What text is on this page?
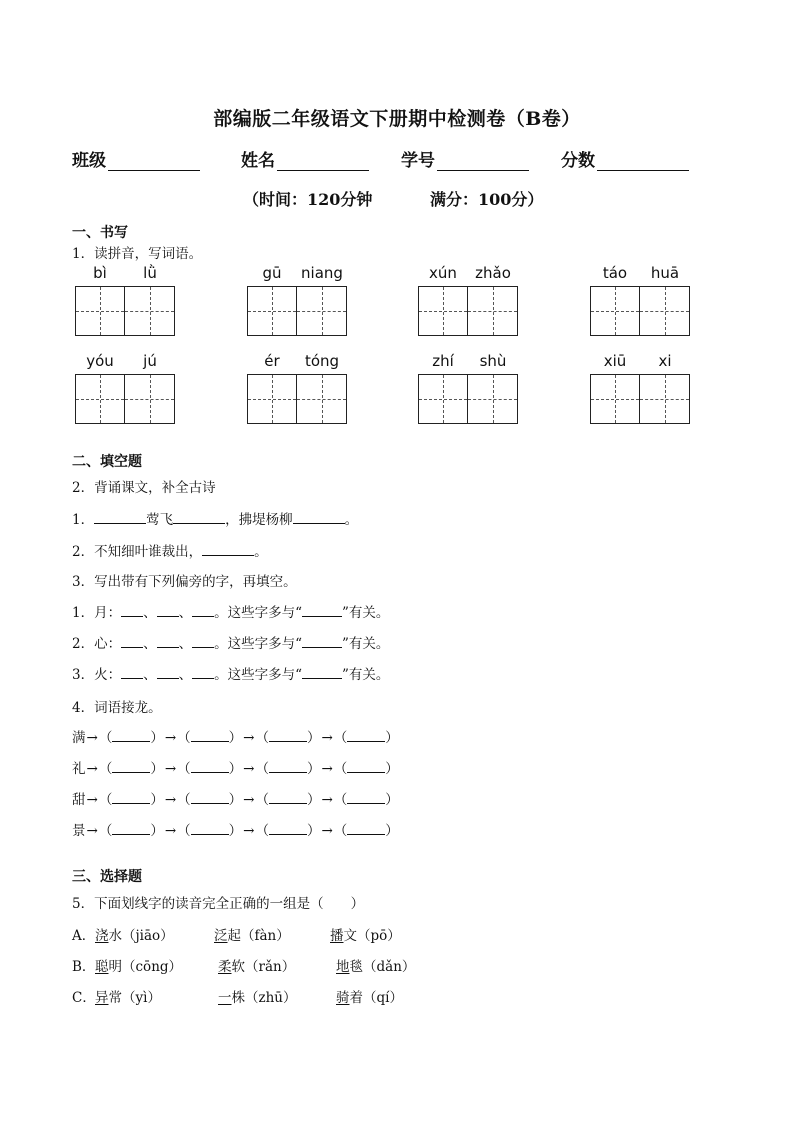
部编版二年级语文下册期中检测卷（B卷）
班级	姓名	学号	分数
（时间：120分钟	满分：100分）
一、书写
1．读拼音，写词语。
bì	lǜ	gū	niang	xún	zhǎo	táo	huā
yóu	jú	ér	tóng	zhí	shù	xiū	xi
二、填空题
2．背诵课文，补全古诗
1．	莺飞	，拂堤杨柳	。
2．不知细叶谁裁出，	。
3．写出带有下列偏旁的字，再填空。
1．月： 、 、 。这些字多与“	”有关。
2．心： 、 、 。这些字多与“	”有关。
3．火： 、 、 。这些字多与“	”有关。
4．词语接龙。
满→（	）→（	）→（	）→（	）
礼→（	）→（	）→（	）→（	）
甜→（	）→（	）→（	）→（	）
景→（	）→（	）→（	）→（	）
三、选择题
5．下面划线字的读音完全正确的一组是（　　）
A． 浇水（jiāo）	泛起（fàn）	播文（pō）
B． 聪明（cōng）	柔软（rǎn）	地毯（dǎn）
C． 异常（yì）	一株（zhū）	骑着（qí）
